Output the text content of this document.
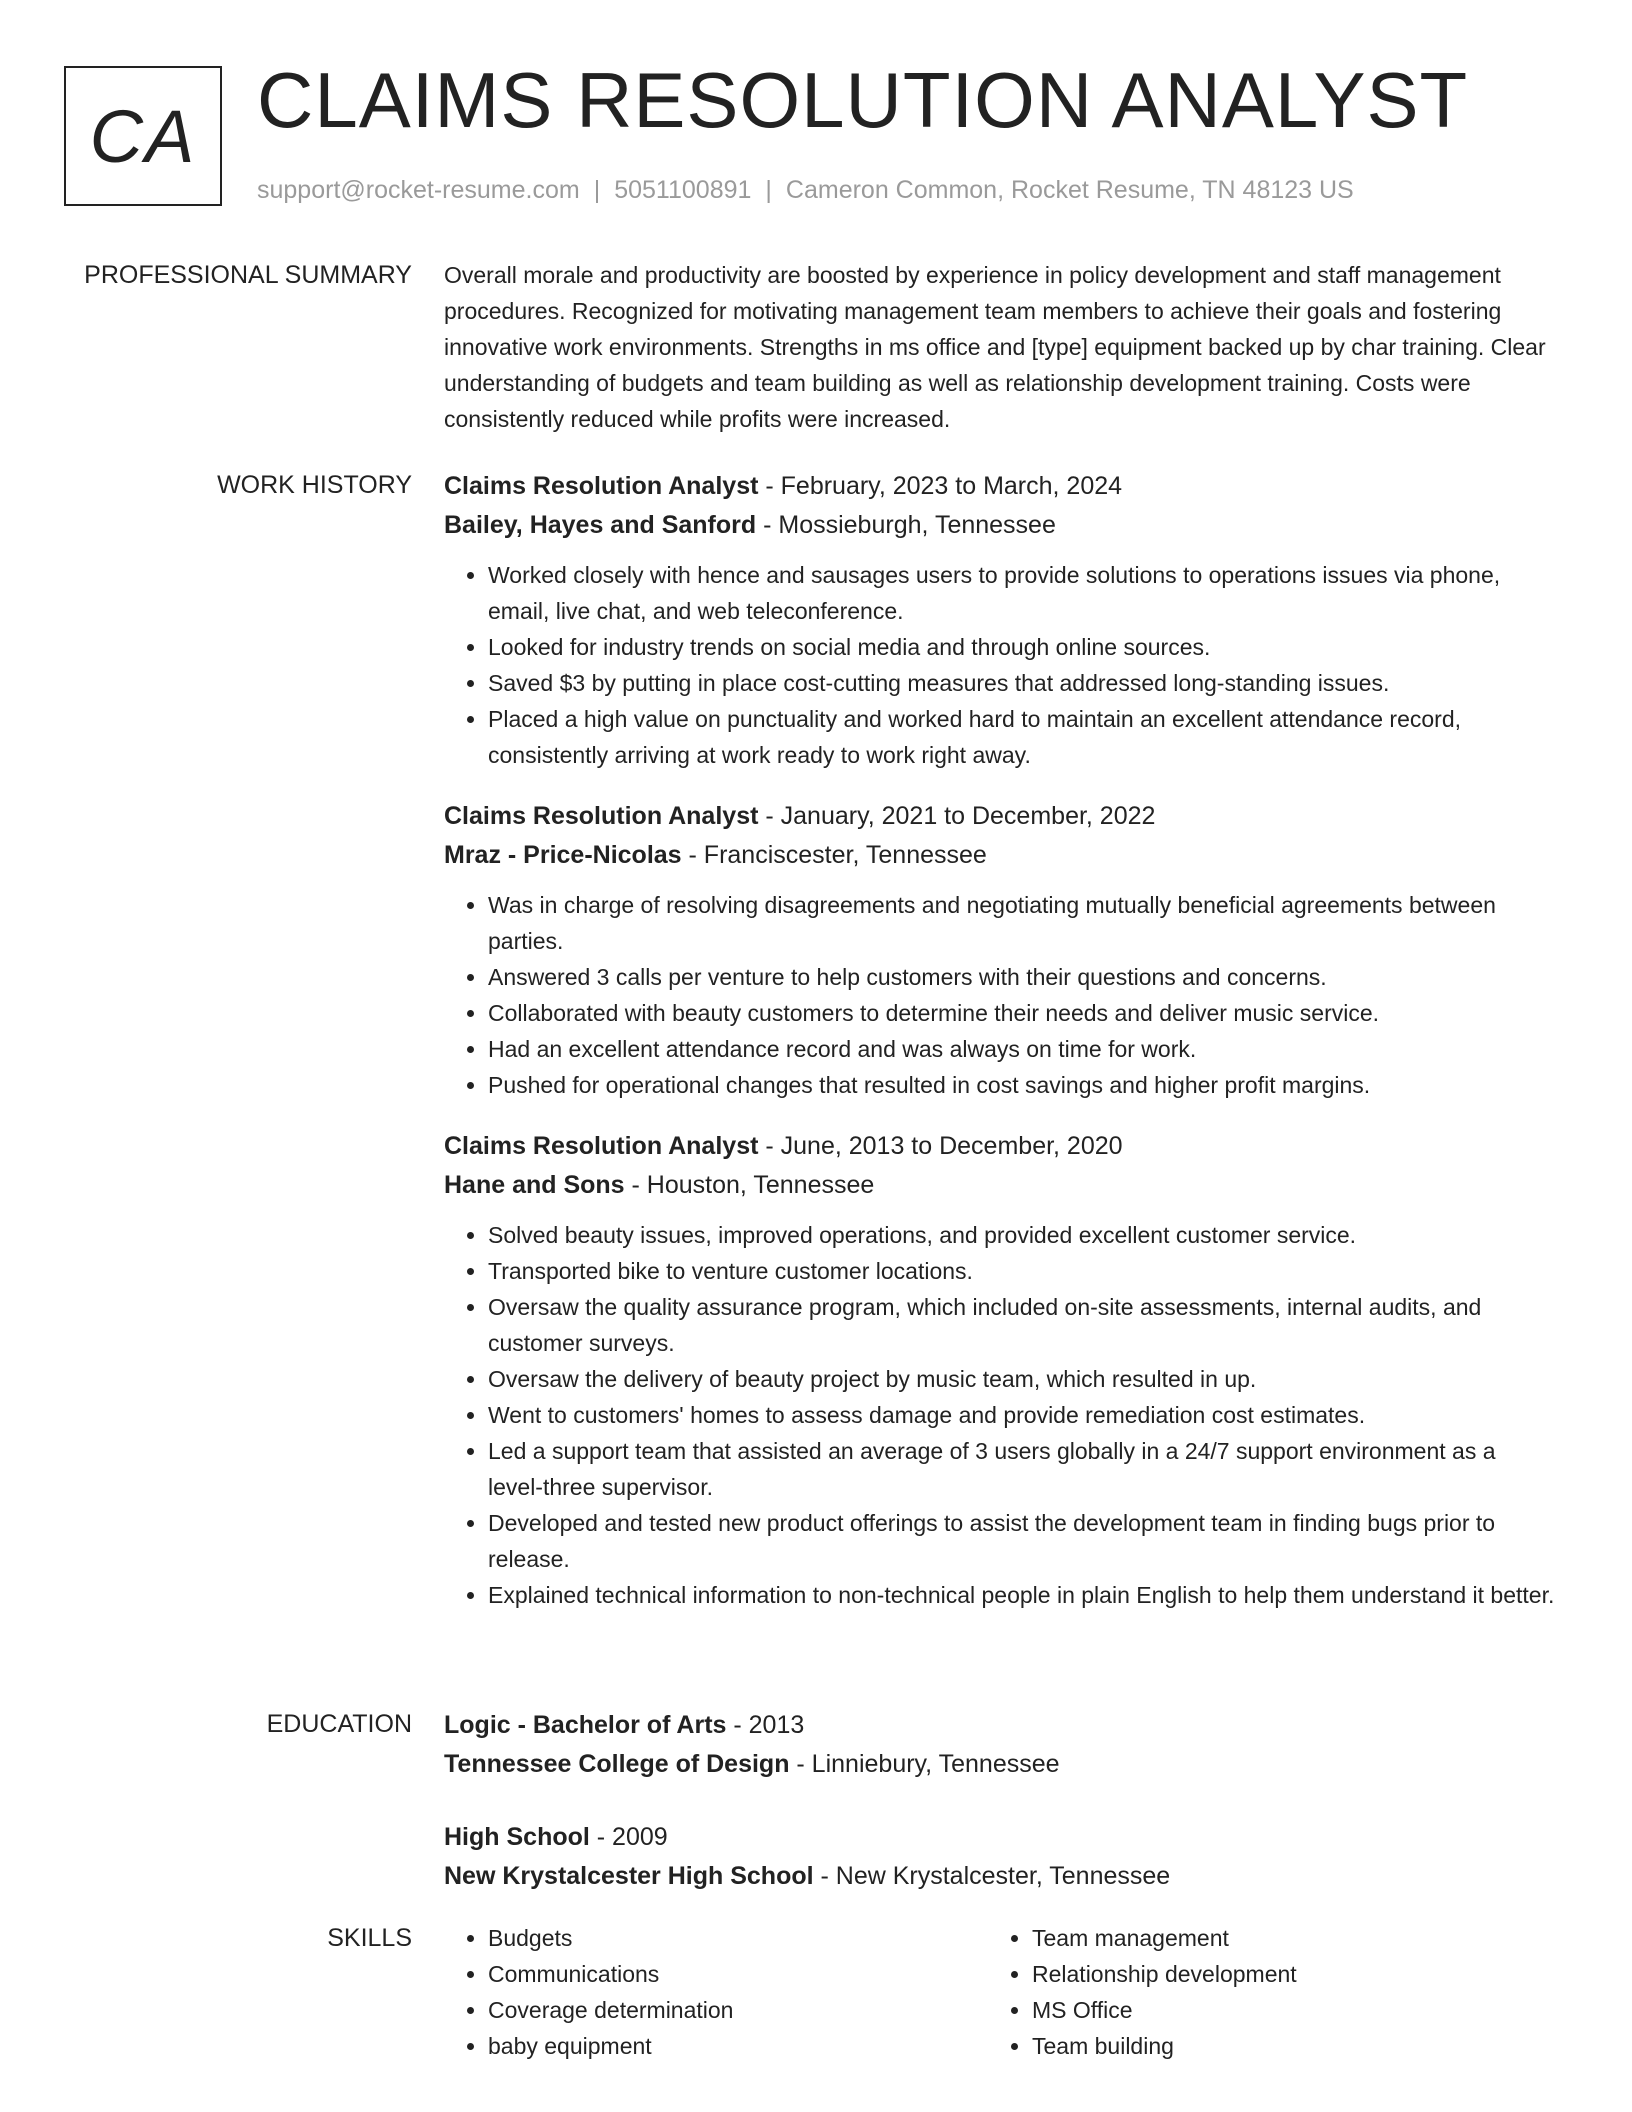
CA CLAIMS RESOLUTION ANALYST
support@rocket-resume.com | 5051100891 | Cameron Common, Rocket Resume, TN 48123 US
PROFESSIONAL SUMMARY Overall morale and productivity are boosted by experience in policy development and staff management procedures. Recognized for motivating management team members to achieve their goals and fostering innovative work environments. Strengths in ms office and [type] equipment backed up by char training. Clear understanding of budgets and team building as well as relationship development training. Costs were consistently reduced while profits were increased.

WORK HISTORY Claims Resolution Analyst - February, 2023 to March, 2024
Bailey, Hayes and Sanford - Mossieburgh, Tennessee
• Worked closely with hence and sausages users to provide solutions to operations issues via phone, email, live chat, and web teleconference.
• Looked for industry trends on social media and through online sources.
• Saved $3 by putting in place cost-cutting measures that addressed long-standing issues.
• Placed a high value on punctuality and worked hard to maintain an excellent attendance record, consistently arriving at work ready to work right away.
Claims Resolution Analyst - January, 2021 to December, 2022
Mraz - Price-Nicolas - Franciscester, Tennessee
• Was in charge of resolving disagreements and negotiating mutually beneficial agreements between parties.
• Answered 3 calls per venture to help customers with their questions and concerns.
• Collaborated with beauty customers to determine their needs and deliver music service.
• Had an excellent attendance record and was always on time for work.
• Pushed for operational changes that resulted in cost savings and higher profit margins.
Claims Resolution Analyst - June, 2013 to December, 2020
Hane and Sons - Houston, Tennessee
• Solved beauty issues, improved operations, and provided excellent customer service.
• Transported bike to venture customer locations.
• Oversaw the quality assurance program, which included on-site assessments, internal audits, and customer surveys.
• Oversaw the delivery of beauty project by music team, which resulted in up.
• Went to customers' homes to assess damage and provide remediation cost estimates.
• Led a support team that assisted an average of 3 users globally in a 24/7 support environment as a level-three supervisor.
• Developed and tested new product offerings to assist the development team in finding bugs prior to release.
• Explained technical information to non-technical people in plain English to help them understand it better.
EDUCATION Logic - Bachelor of Arts - 2013
Tennessee College of Design - Linniebury, Tennessee
High School - 2009
New Krystalcester High School - New Krystalcester, Tennessee
SKILLS
•	Budgets
• Communications
• Coverage determination
• baby equipment
• Team management
• Relationship development
• MS Office
• Team building
